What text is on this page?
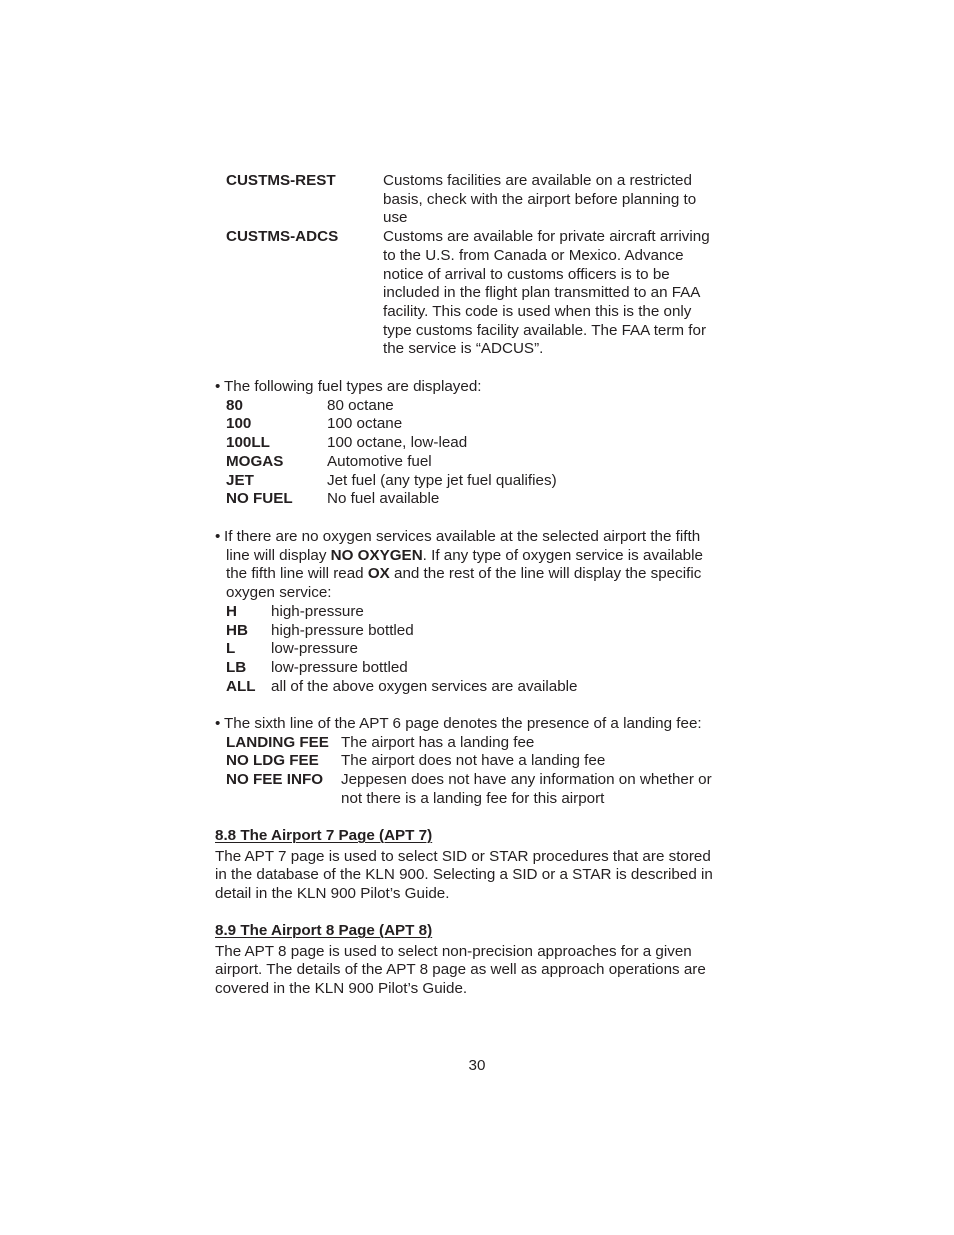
CUSTMS-REST	Customs facilities are available on a restricted
basis, check with the airport before planning to
use
CUSTMS-ADCS	Customs are available for private aircraft arriving
to the U.S. from Canada or Mexico. Advance
notice of arrival to customs officers is to be
included in the flight plan transmitted to an FAA
facility. This code is used when this is the only
type customs facility available. The FAA term for
the service is “ADCUS”.
• The following fuel types are displayed:
80	80 octane
100	100 octane
100LL	100 octane, low-lead
MOGAS	Automotive fuel
JET	Jet fuel (any type jet fuel qualifies)
NO FUEL	No fuel available
• If there are no oxygen services available at the selected airport the fifth
line will display NO OXYGEN. If any type of oxygen service is available
the fifth line will read OX and the rest of the line will display the specific
oxygen service:
H	high-pressure
HB	high-pressure bottled
L	low-pressure
LB	low-pressure bottled
ALL	all of the above oxygen services are available
• The sixth line of the APT 6 page denotes the presence of a landing fee:
LANDING FEE The airport has a landing fee
NO LDG FEE	The airport does not have a landing fee
NO FEE INFO	Jeppesen does not have any information on whether or
not there is a landing fee for this airport
8.8 The Airport 7 Page (APT 7)
The APT 7 page is used to select SID or STAR procedures that are stored
in the database of the KLN 900. Selecting a SID or a STAR is described in
detail in the KLN 900 Pilot’s Guide.
8.9 The Airport 8 Page (APT 8)
The APT 8 page is used to select non-precision approaches for a given
airport. The details of the APT 8 page as well as approach operations are
covered in the KLN 900 Pilot’s Guide.
30
